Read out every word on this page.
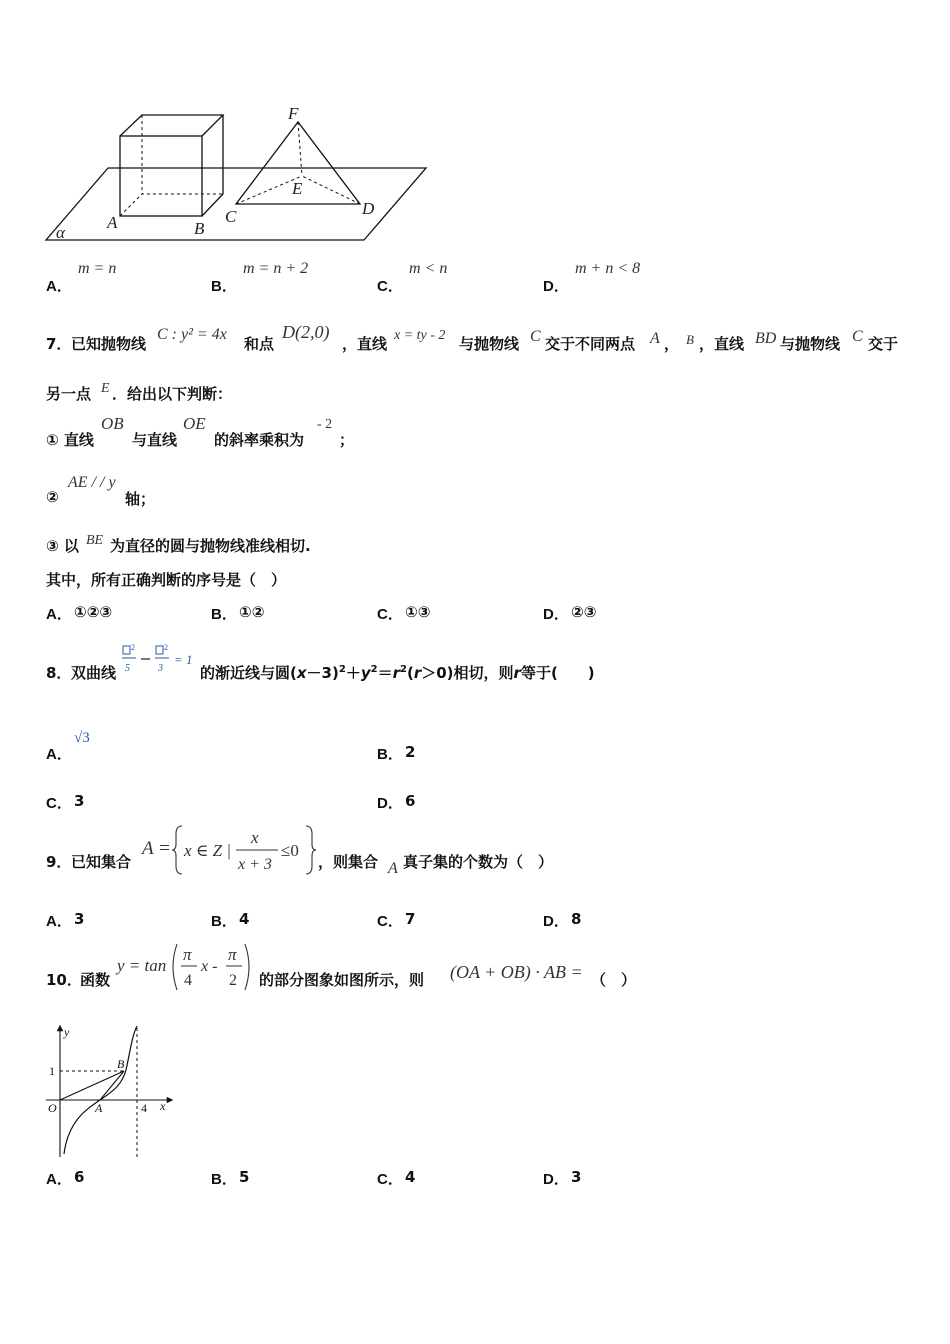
F
E
A	B
C	D
α
A．
m = n
B．
m = n + 2
C．
m < n
D．
m + n < 8
7． 已知抛物线
C : y² = 4x
和点
D(2,0)
，直线 x = ty - 2 与抛物线 C 交于不同两点 A ， B ，直线 BD 与抛物线 C 交于
另一点 E ．给出以下判断：
① 直线
OB
与直线
OE
的斜率乘积为
- 2
；
②
AE / / y
轴；
③ 以 BE 为直径的圆与抛物线准线相切.
其中，所有正确判断的序号是（　）
A． ①②③	B． ①②	C． ①③	D． ②③
8． 双曲线
2
5
2
3
= 1
的渐近线与圆$(x-3)^2+y^2=r^2(r>0)$相切，则r等于(　　)
A．
√3
B． 2
C． 3	D． 6
9． 已知集合
A = x ∈ Z |
x
x + 3
≤0
，则集合 A 真子集的个数为（　）
A． 3	B． 4	C． 7	D． 8
10．
函数
y = tan
π
4
x -
π
2 的部分图象如图所示，则 (OA + OB) · AB = （　）
y
x
1
O	A
B
4
A． 6	B． 5	C． 4	D． 3
